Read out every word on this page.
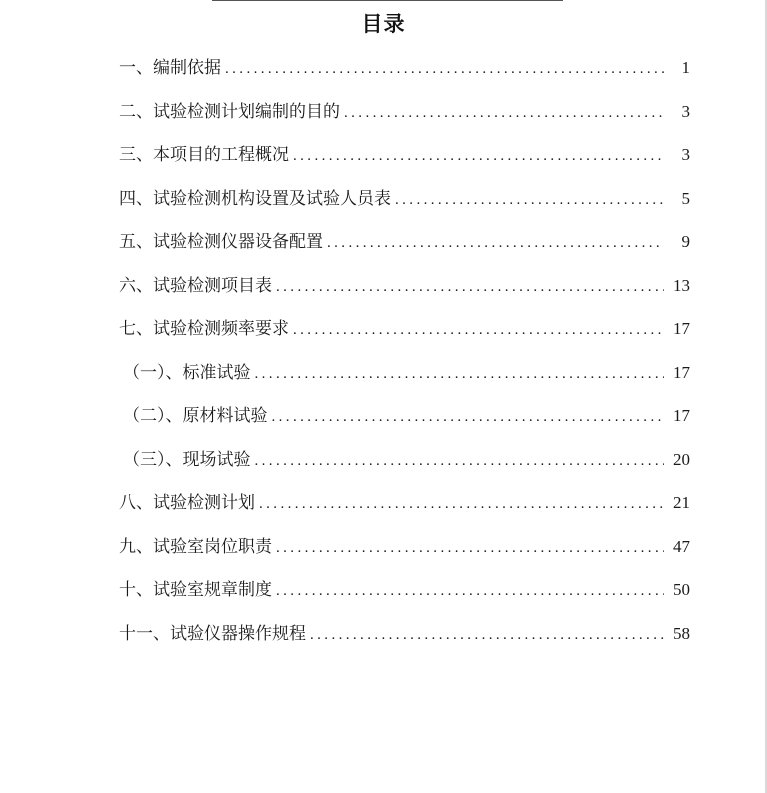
目录
一、编制依据 .....	1
二、试验检测计划编制的目的 .....	3
三、本项目的工程概况 .....	3
四、试验检测机构设置及试验人员表 .....	5
五、试验检测仪器设备配置 .....	9
六、试验检测项目表 .....	13
七、试验检测频率要求 .....	17
（一）、标准试验 .....	17
（二）、原材料试验 .....	17
（三）、现场试验 .....	20
八、试验检测计划 .....	21
九、试验室岗位职责 .....	47
十、试验室规章制度 .....	50
十一、试验仪器操作规程 .....	58
